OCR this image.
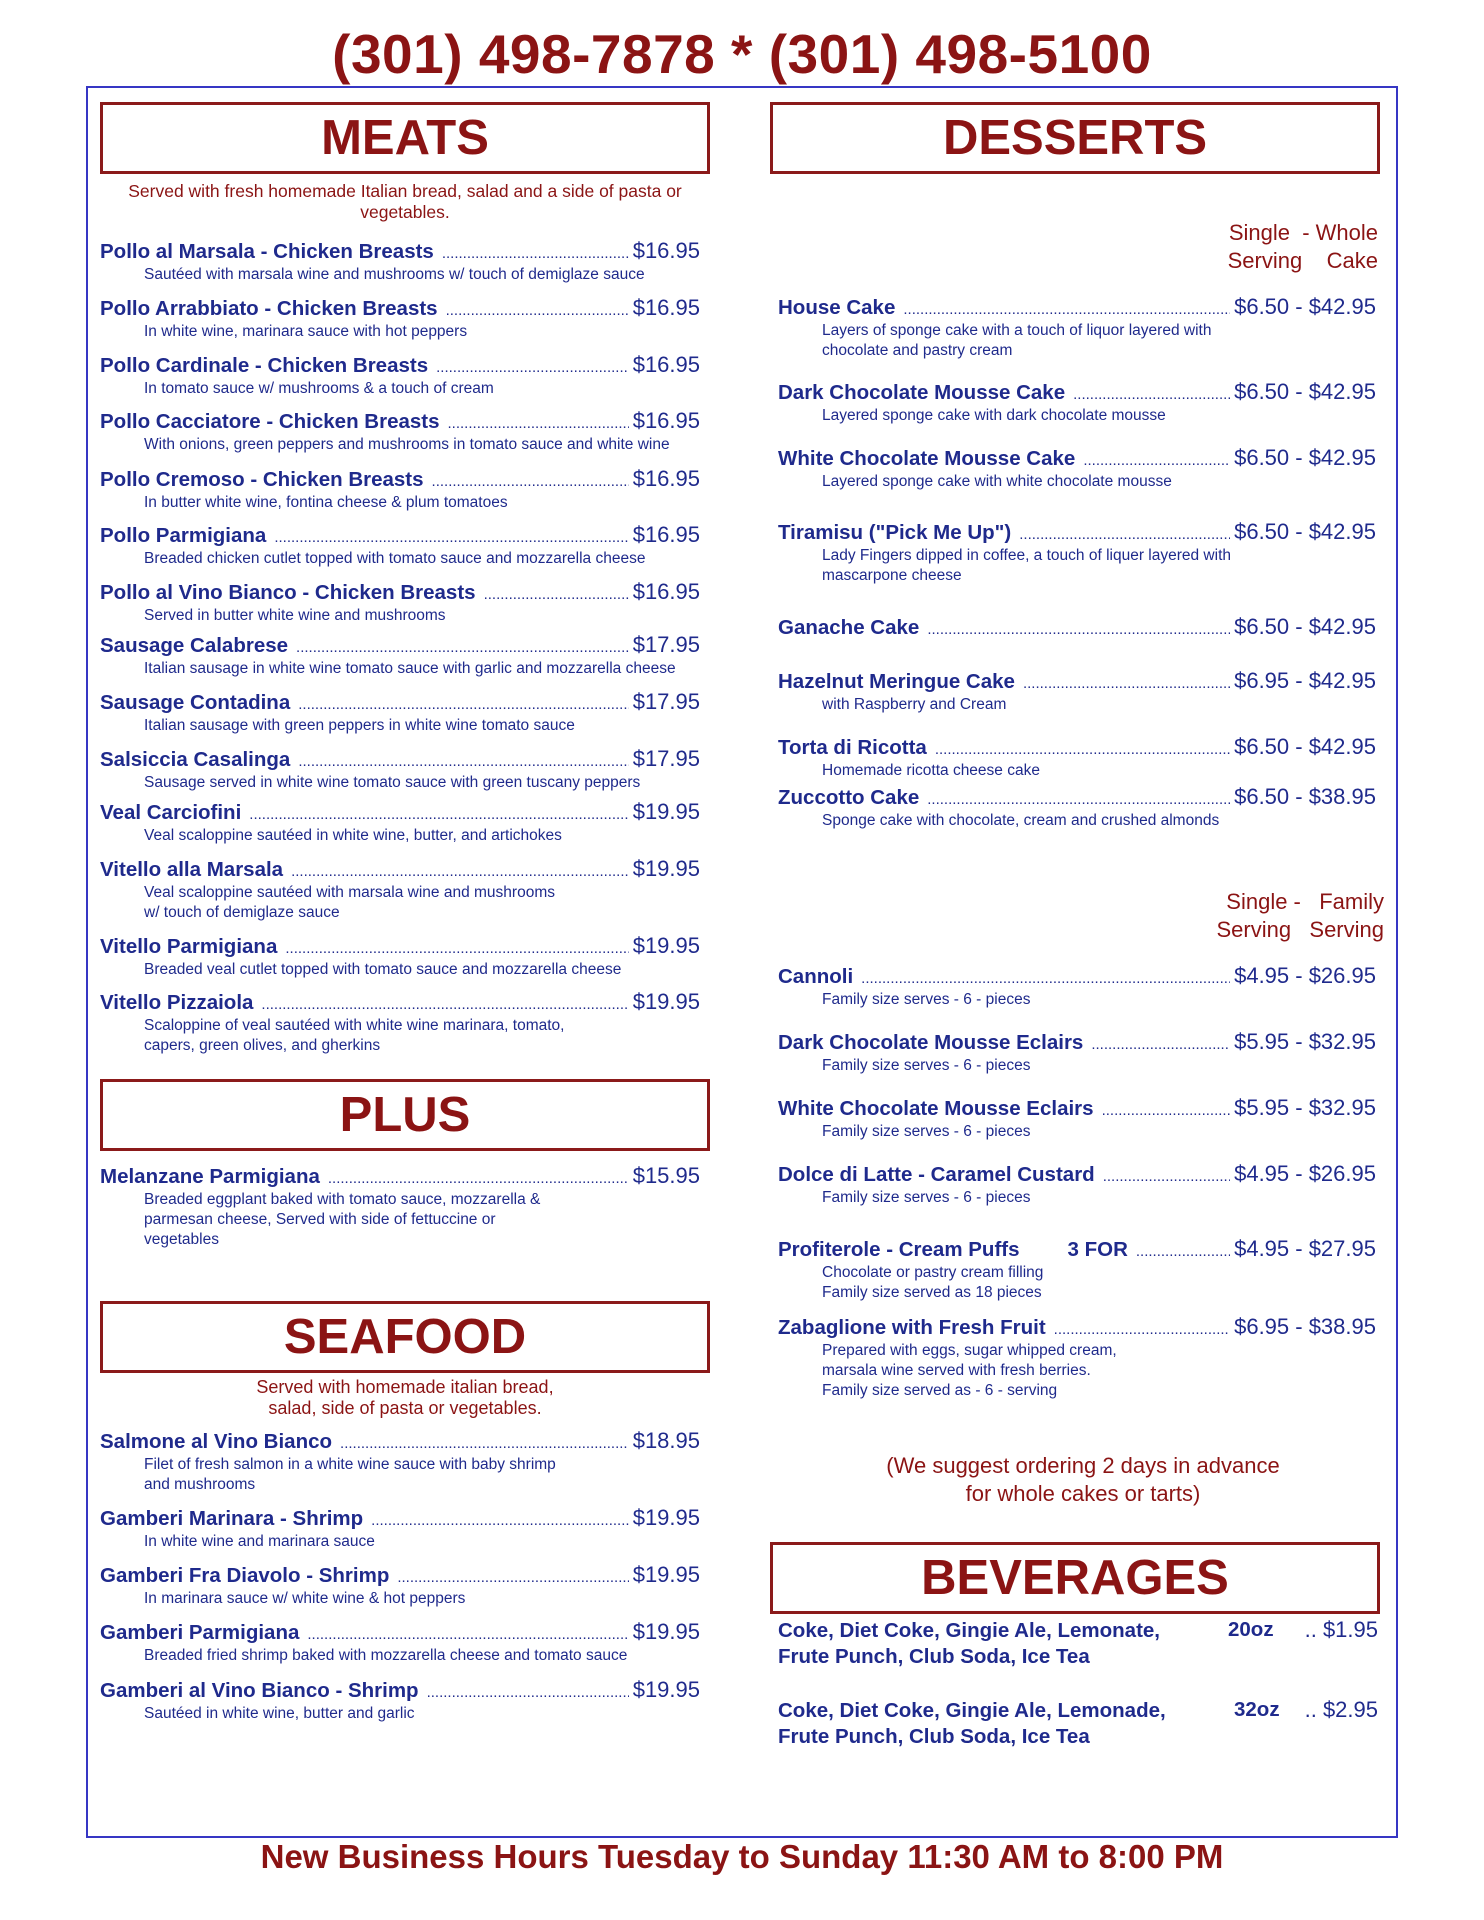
(301) 498-7878 * (301) 498-5100
MEATS
Served with fresh homemade Italian bread, salad and a side of pasta or vegetables.
Pollo al Marsala - Chicken Breasts .....	$16.95
Sautéed with marsala wine and mushrooms w/ touch of demiglaze sauce
Pollo Arrabbiato - Chicken Breasts .....	$16.95
In white wine, marinara sauce with hot peppers
Pollo Cardinale - Chicken Breasts .....	$16.95
In tomato sauce w/ mushrooms & a touch of cream
Pollo Cacciatore - Chicken Breasts .....	$16.95
With onions, green peppers and mushrooms in tomato sauce and white wine
Pollo Cremoso - Chicken Breasts .....	$16.95
In butter white wine, fontina cheese & plum tomatoes
Pollo Parmigiana .....	$16.95
Breaded chicken cutlet topped with tomato sauce and mozzarella cheese
Pollo al Vino Bianco - Chicken Breasts .....	$16.95
Served in butter white wine and mushrooms
Sausage Calabrese .....	$17.95
Italian sausage in white wine tomato sauce with garlic and mozzarella cheese
Sausage Contadina .....	$17.95
Italian sausage with green peppers in white wine tomato sauce
Salsiccia Casalinga .....	$17.95
Sausage served in white wine tomato sauce with green tuscany peppers
Veal Carciofini .....	$19.95
Veal scaloppine sautéed in white wine, butter, and artichokes
Vitello alla Marsala .....	$19.95
Veal scaloppine sautéed with marsala wine and mushrooms
w/ touch of demiglaze sauce
Vitello Parmigiana .....	$19.95
Breaded veal cutlet topped with tomato sauce and mozzarella cheese
Vitello Pizzaiola .....	$19.95
Scaloppine of veal sautéed with white wine marinara, tomato,
capers, green olives, and gherkins
PLUS
Melanzane Parmigiana .....	$15.95
Breaded eggplant baked with tomato sauce, mozzarella &
parmesan cheese, Served with side of fettuccine or
vegetables
SEAFOOD
Served with homemade italian bread,
salad, side of pasta or vegetables.
Salmone al Vino Bianco .....	$18.95
Filet of fresh salmon in a white wine sauce with baby shrimp
and mushrooms
Gamberi Marinara - Shrimp .....	$19.95
In white wine and marinara sauce
Gamberi Fra Diavolo - Shrimp .....	$19.95
In marinara sauce w/ white wine & hot peppers
Gamberi Parmigiana .....	$19.95
Breaded fried shrimp baked with mozzarella cheese and tomato sauce
Gamberi al Vino Bianco - Shrimp .....	$19.95
Sautéed in white wine, butter and garlic
DESSERTS
Single  - Whole
Serving    Cake
House Cake .....	$6.50 - $42.95
Layers of sponge cake with a touch of liquor layered with
chocolate and pastry cream
Dark Chocolate Mousse Cake .....	$6.50 - $42.95
Layered sponge cake with dark chocolate mousse
White Chocolate Mousse Cake .....	$6.50 - $42.95
Layered sponge cake with white chocolate mousse
Tiramisu ("Pick Me Up") .....	$6.50 - $42.95
Lady Fingers dipped in coffee, a touch of liquer layered with
mascarpone cheese
Ganache Cake .....	$6.50 - $42.95
Hazelnut Meringue Cake .....	$6.95 - $42.95
with Raspberry and Cream
Torta di Ricotta .....	$6.50 - $42.95
Homemade ricotta cheese cake
Zuccotto Cake .....	$6.50 - $38.95
Sponge cake with chocolate, cream and crushed almonds
Single -   Family
Serving   Serving
Cannoli .....	$4.95 - $26.95
Family size serves - 6 - pieces
Dark Chocolate Mousse Eclairs .....	$5.95 - $32.95
Family size serves - 6 - pieces
White Chocolate Mousse Eclairs .....	$5.95 - $32.95
Family size serves - 6 - pieces
Dolce di Latte - Caramel Custard .....	$4.95 - $26.95
Family size serves - 6 - pieces
Profiterole - Cream Puffs 3 FOR .....	$4.95 - $27.95
Chocolate or pastry cream filling
Family size served as 18 pieces
Zabaglione with Fresh Fruit .....	$6.95 - $38.95
Prepared with eggs, sugar whipped cream,
marsala wine served with fresh berries.
Family size served as - 6 - serving
(We suggest ordering 2 days in advance
for whole cakes or tarts)
BEVERAGES
Coke, Diet Coke, Gingie Ale, Lemonate,
Frute Punch, Club Soda, Ice Tea
20oz .. $1.95
Coke, Diet Coke, Gingie Ale, Lemonade,
Frute Punch, Club Soda, Ice Tea
32oz .. $2.95
New Business Hours Tuesday to Sunday 11:30 AM to 8:00 PM
